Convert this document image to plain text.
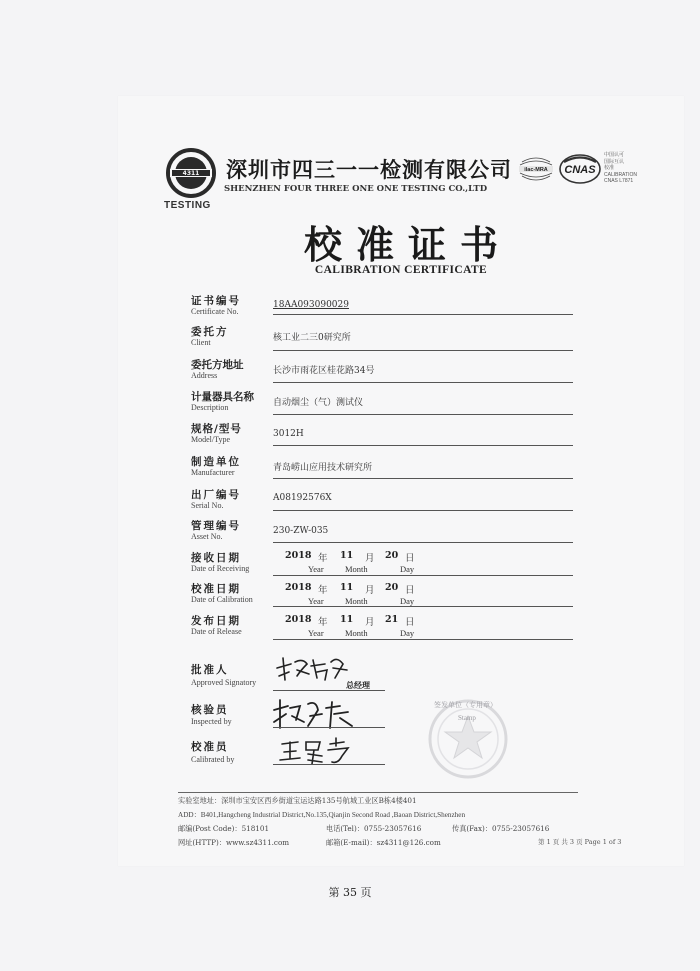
4311
TESTING
深圳市四三一一检测有限公司
SHENZHEN FOUR THREE ONE ONE TESTING CO.,LTD
ilac-MRA CNAS
中国认可
国际互认
校准
CALIBRATION
CNAS L7871
校准证书
CALIBRATION CERTIFICATE
证书编号
Certificate No.
18AA093090029
委托方
Client	核工业二三0研究所
委托方地址
Address	长沙市雨花区桂花路34号
计量器具名称
Description	自动烟尘（气）测试仪
规格/型号
Model/Type
3012H
制造单位
Manufacturer	青岛崂山应用技术研究所
出厂编号
Serial No.
A08192576X
管理编号
Asset No.
230-ZW-035
接收日期
Date of Receiving
2018 年 11 月 20 日
Year	Month	Day
校准日期
Date of Calibration
2018 年 11 月 20 日
Year	Month	Day
发布日期
Date of Release
2018 年 11 月 21 日
Year	Month	Day
批准人
Approved Signatory	总经理
核验员
Inspected by
校准员
Calibrated by
签发单位（专用章）
Stamp
实验室地址：深圳市宝安区西乡街道宝运达路135号航城工业区B栋4楼401
ADD：B401,Hangcheng Industrial District,No.135,Qianjin Second Road ,Baoan District,Shenzhen
邮编(Post Code)：518101	电话(Tel)：0755-23057616	传真(Fax)：0755-23057616
网址(HTTP)：www.sz4311.com	邮箱(E-mail)：sz4311@126.com	第 1 页 共 3 页 Page 1 of 3
第 35 页
